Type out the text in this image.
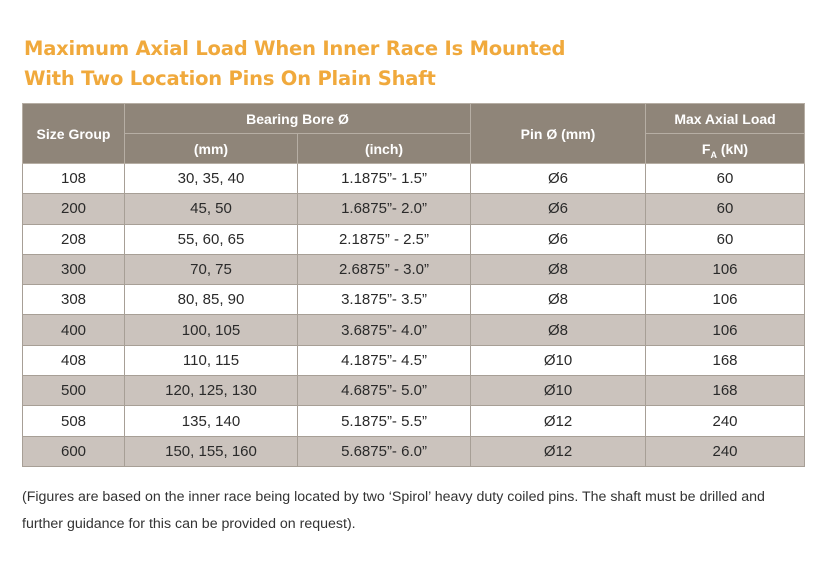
Maximum Axial Load When Inner Race Is Mounted
With Two Location Pins On Plain Shaft
Size Group	Bearing Bore Ø		Pin Ø (mm)	Max Axial Load
	(mm)	(inch)		$F_A$ (kN)
108	30, 35, 40	1.1875”- 1.5”	Ø6	60
200	45, 50	1.6875”- 2.0”	Ø6	60
208	55, 60, 65	2.1875” - 2.5”	Ø6	60
300	70, 75	2.6875” - 3.0”	Ø8	106
308	80, 85, 90	3.1875”- 3.5”	Ø8	106
400	100, 105	3.6875”- 4.0”	Ø8	106
408	110, 115	4.1875”- 4.5”	Ø10	168
500	120, 125, 130	4.6875”- 5.0”	Ø10	168
508	135, 140	5.1875”- 5.5”	Ø12	240
600	150, 155, 160	5.6875”- 6.0”	Ø12	240

(Figures are based on the inner race being located by two ‘Spirol’ heavy duty coiled pins. The shaft must be drilled and further guidance for this can be provided on request).
